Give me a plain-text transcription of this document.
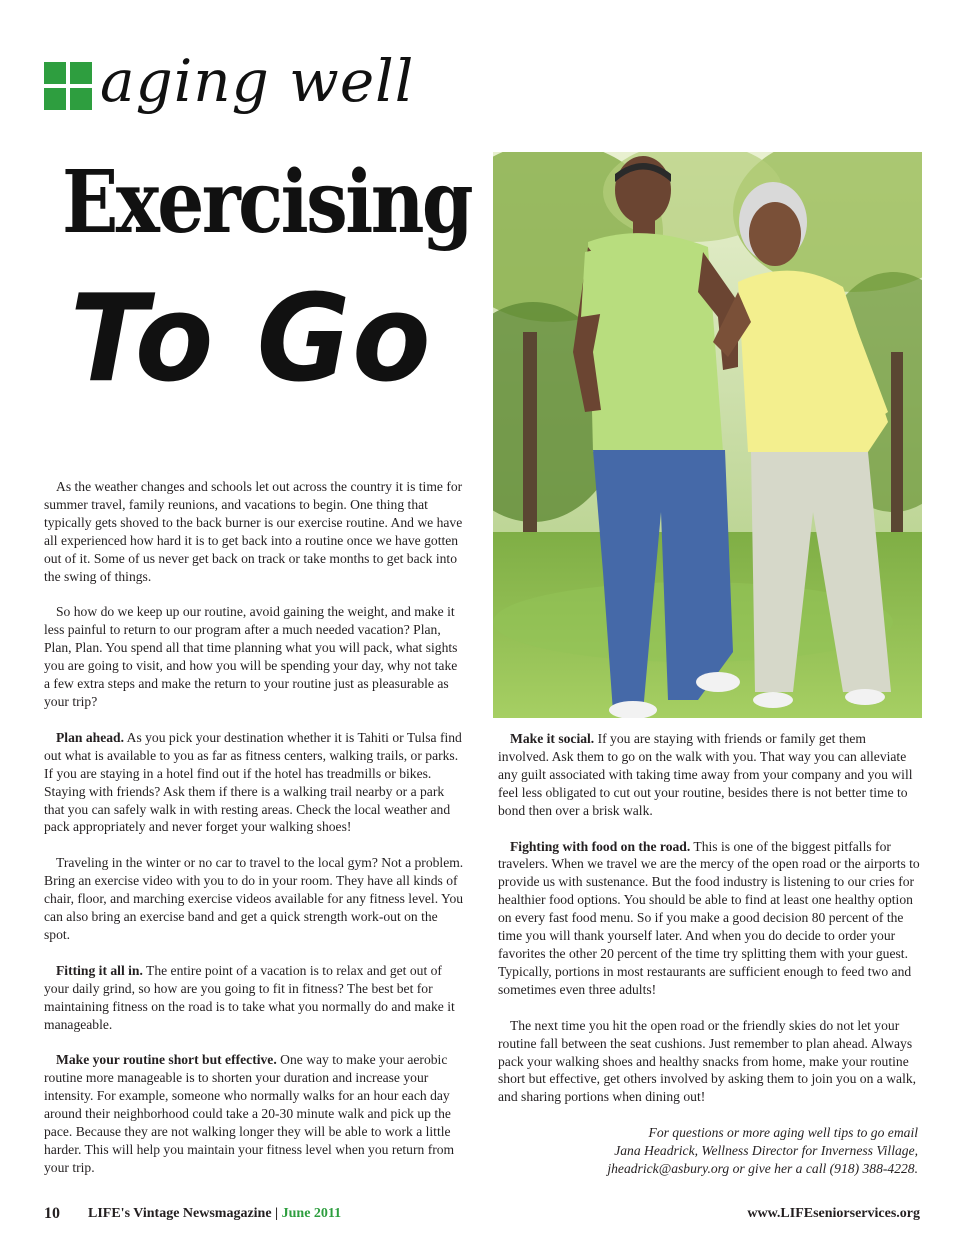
aging well
Exercising
To Go

As the weather changes and schools let out across the country it is time for summer travel, family reunions, and vacations to begin. One thing that typically gets shoved to the back burner is our exercise routine. And we have all experienced how hard it is to get back into a routine once we have gotten out of it. Some of us never get back on track or take months to get back into the swing of things.

So how do we keep up our routine, avoid gaining the weight, and make it less painful to return to our program after a much needed vacation? Plan, Plan, Plan. You spend all that time planning what you will pack, what sights you are going to visit, and how you will be spending your day, why not take a few extra steps and make the return to your routine just as pleasurable as your trip?

Plan ahead. As you pick your destination whether it is Tahiti or Tulsa find out what is available to you as far as fitness centers, walking trails, or parks. If you are staying in a hotel find out if the hotel has treadmills or bikes. Staying with friends? Ask them if there is a walking trail nearby or a park that you can safely walk in with resting areas. Check the local weather and pack appropriately and never forget your walking shoes!

Traveling in the winter or no car to travel to the local gym? Not a problem. Bring an exercise video with you to do in your room. They have all kinds of chair, floor, and marching exercise videos available for any fitness level. You can also bring an exercise band and get a quick strength work-out on the spot.

Fitting it all in. The entire point of a vacation is to relax and get out of your daily grind, so how are you going to fit in fitness? The best bet for maintaining fitness on the road is to take what you normally do and make it manageable.

Make your routine short but effective. One way to make your aerobic routine more manageable is to shorten your duration and increase your intensity. For example, someone who normally walks for an hour each day around their neighborhood could take a 20-30 minute walk and pick up the pace. Because they are not walking longer they will be able to work a little harder. This will help you maintain your fitness level when you return from your trip.

Make it social. If you are staying with friends or family get them involved. Ask them to go on the walk with you. That way you can alleviate any guilt associated with taking time away from your company and you will feel less obligated to cut out your routine, besides there is not better time to bond then over a brisk walk.

Fighting with food on the road. This is one of the biggest pitfalls for travelers. When we travel we are the mercy of the open road or the airports to provide us with sustenance. But the food industry is listening to our cries for healthier food options. You should be able to find at least one healthy option on every fast food menu. So if you make a good decision 80 percent of the time you will thank yourself later. And when you do decide to order your favorites the other 20 percent of the time try splitting them with your guest. Typically, portions in most restaurants are sufficient enough to feed two and sometimes even three adults!

The next time you hit the open road or the friendly skies do not let your routine fall between the seat cushions. Just remember to plan ahead. Always pack your walking shoes and healthy snacks from home, make your routine short but effective, get others involved by asking them to join you on a walk, and sharing portions when dining out!

For questions or more aging well tips to go email
Jana Headrick, Wellness Director for Inverness Village,
jheadrick@asbury.org or give her a call (918) 388-4228.
10 LIFE's Vintage Newsmagazine | June 2011	www.LIFEseniorservices.org
